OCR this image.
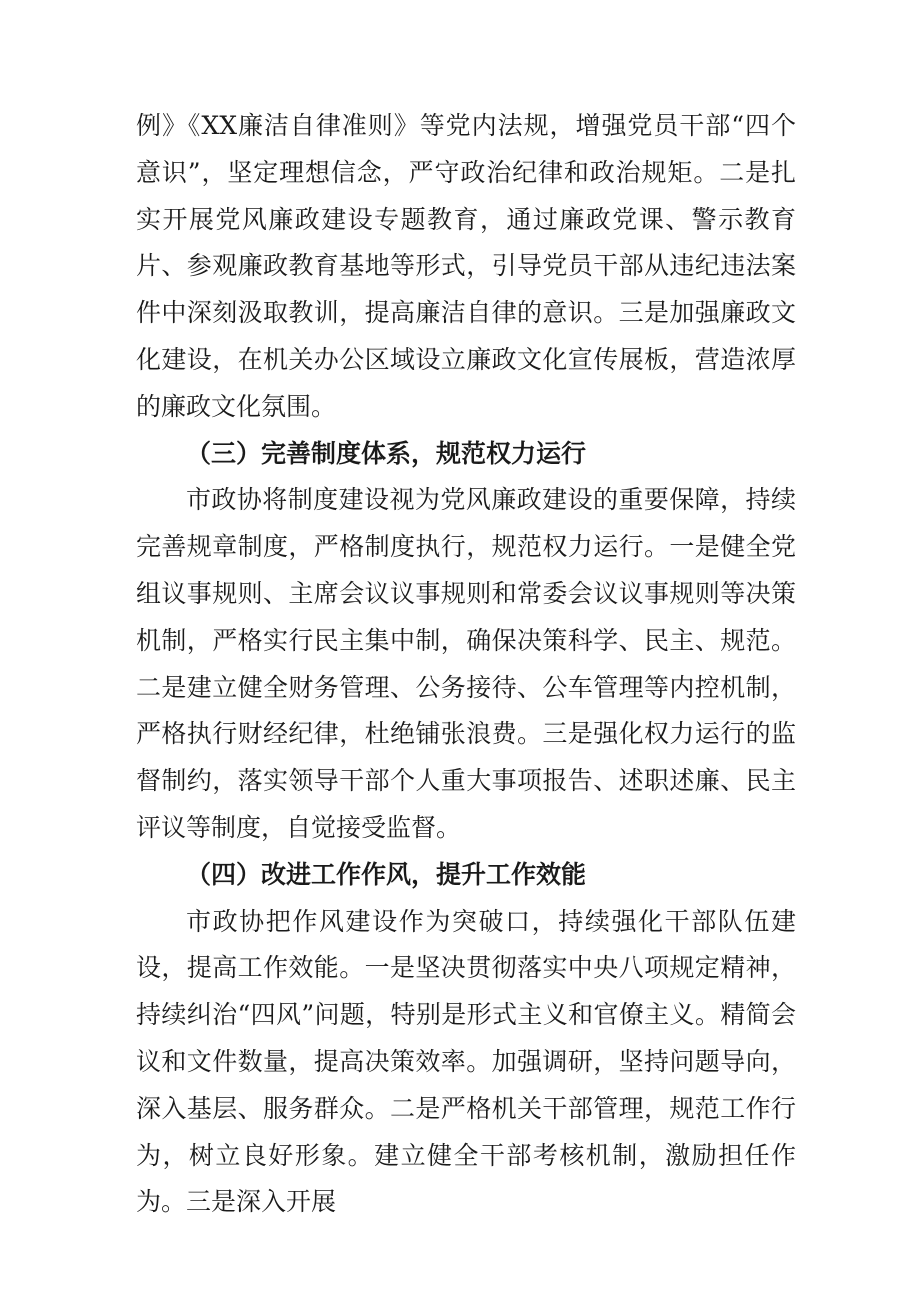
例》《XX廉洁自律准则》等党内法规，增强党员干部“四个意识”，坚定理想信念，严守政治纪律和政治规矩。二是扎实开展党风廉政建设专题教育，通过廉政党课、警示教育片、参观廉政教育基地等形式，引导党员干部从违纪违法案件中深刻汲取教训，提高廉洁自律的意识。三是加强廉政文化建设，在机关办公区域设立廉政文化宣传展板，营造浓厚的廉政文化氛围。

（三）完善制度体系，规范权力运行

市政协将制度建设视为党风廉政建设的重要保障，持续完善规章制度，严格制度执行，规范权力运行。一是健全党组议事规则、主席会议议事规则和常委会议议事规则等决策机制，严格实行民主集中制，确保决策科学、民主、规范。二是建立健全财务管理、公务接待、公车管理等内控机制，严格执行财经纪律，杜绝铺张浪费。三是强化权力运行的监督制约，落实领导干部个人重大事项报告、述职述廉、民主评议等制度，自觉接受监督。

（四）改进工作作风，提升工作效能

市政协把作风建设作为突破口，持续强化干部队伍建设，提高工作效能。一是坚决贯彻落实中央八项规定精神，持续纠治“四风”问题，特别是形式主义和官僚主义。精简会议和文件数量，提高决策效率。加强调研，坚持问题导向，深入基层、服务群众。二是严格机关干部管理，规范工作行为，树立良好形象。建立健全干部考核机制，激励担任作为。三是深入开展
